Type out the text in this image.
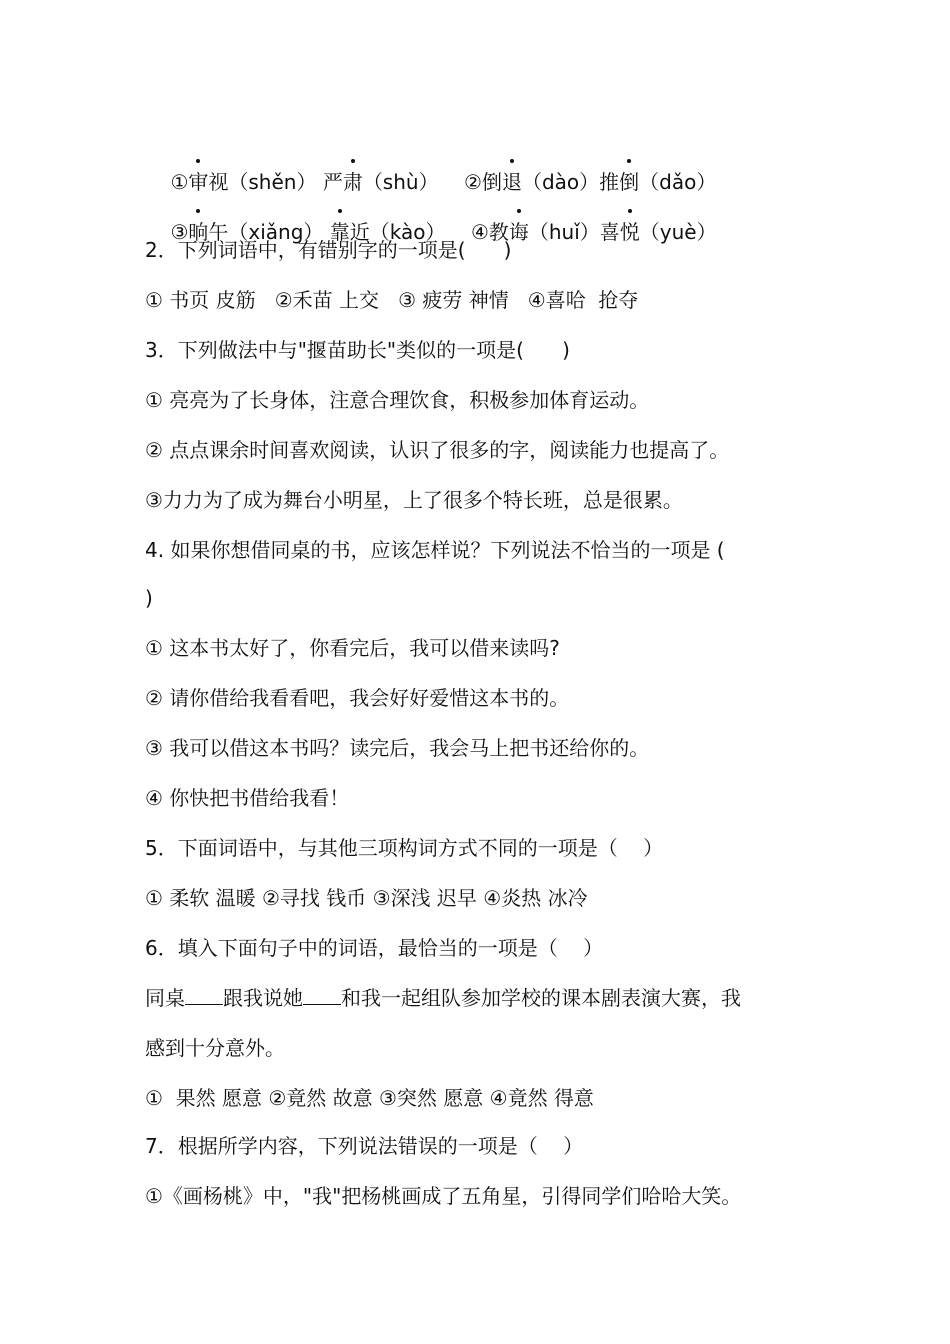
①审视（shěn） 严肃（shù） ②倒退（dào）推倒（dǎo）

③晌午（xiǎng） 靠近（kào） ④教诲（huǐ）喜悦（yuè）

2．下列词语中，有错别字的一项是(      )
① 书页 皮筋   ②禾苗 上交   ③ 疲劳 神情   ④喜哈  抢夺
3．下列做法中与"揠苗助长"类似的一项是(      )
① 亮亮为了长身体，注意合理饮食，积极参加体育运动。
② 点点课余时间喜欢阅读，认识了很多的字，阅读能力也提高了。
③力力为了成为舞台小明星，上了很多个特长班，总是很累。
4. 如果你想借同桌的书，应该怎样说？下列说法不恰当的一项是 (
)
① 这本书太好了，你看完后，我可以借来读吗?
② 请你借给我看看吧，我会好好爱惜这本书的。
③ 我可以借这本书吗？读完后，我会马上把书还给你的。
④ 你快把书借给我看！
5．下面词语中，与其他三项构词方式不同的一项是（    ）
① 柔软 温暖 ②寻找 钱币 ③深浅 迟早 ④炎热 冰冷
6．填入下面句子中的词语，最恰当的一项是（    ）
同桌 跟我说她 和我一起组队参加学校的课本剧表演大赛，我
感到十分意外。
①  果然 愿意 ②竟然 故意 ③突然 愿意 ④竟然 得意
7．根据所学内容，下列说法错误的一项是（    ）
①《画杨桃》中，"我"把杨桃画成了五角星，引得同学们哈哈大笑。
